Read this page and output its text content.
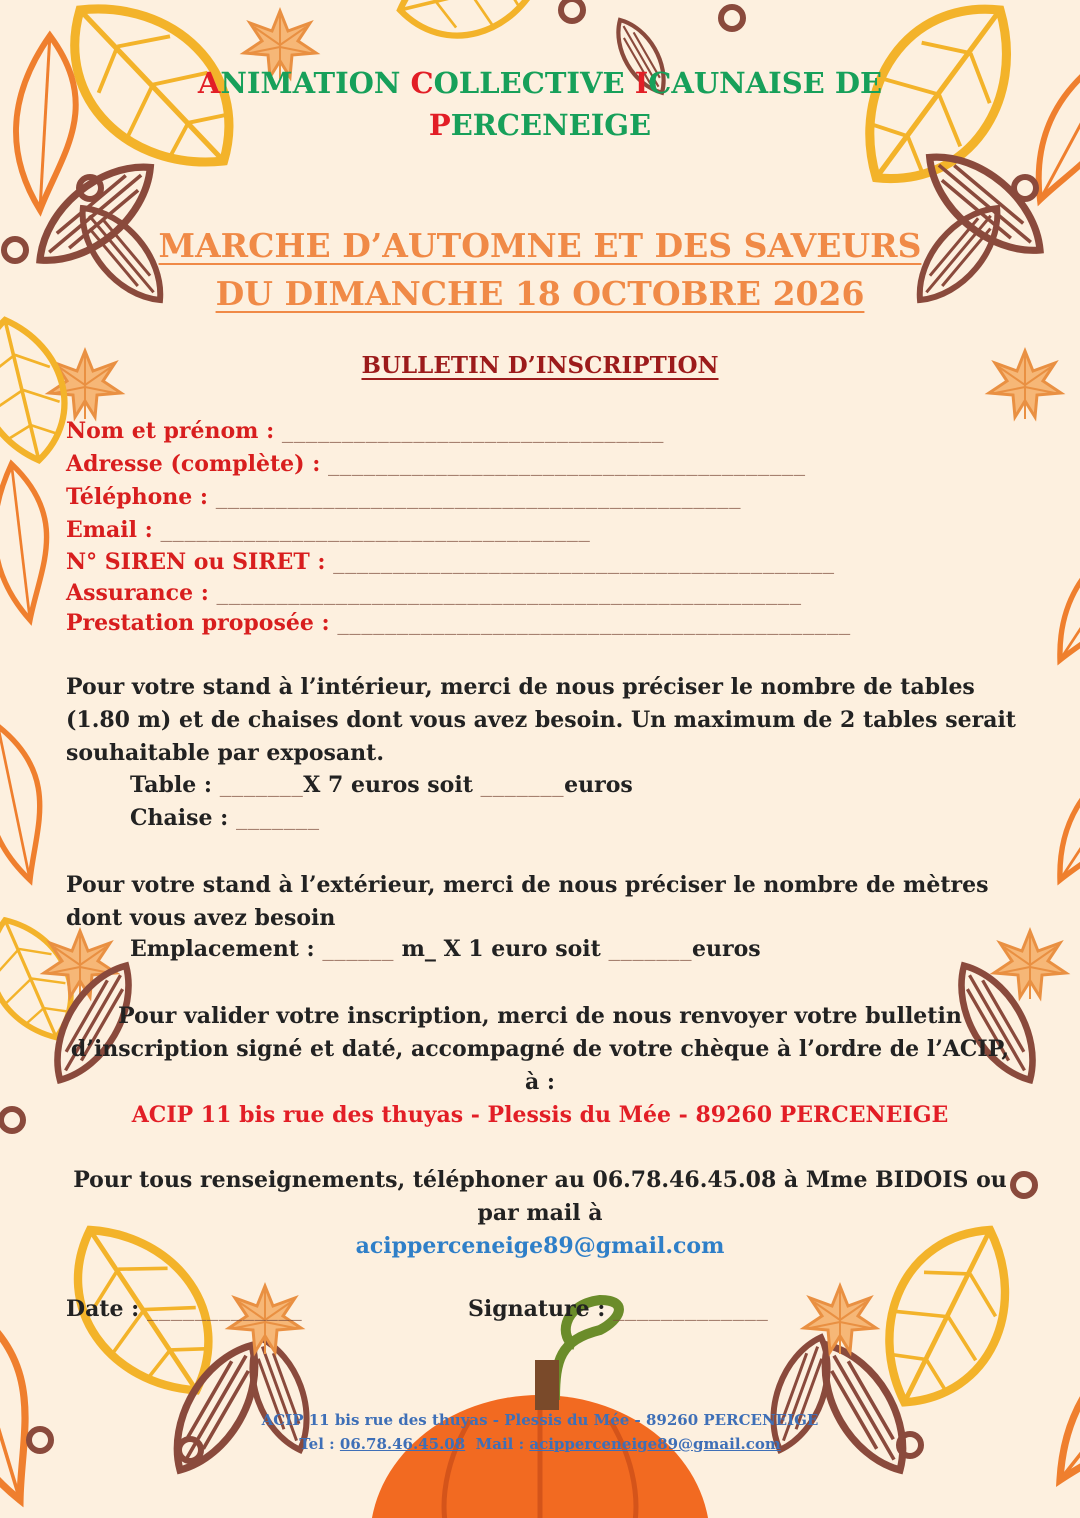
ANIMATION COLLECTIVE ICAUNAISE DE
PERCENEIGE
MARCHE D’AUTOMNE ET DES SAVEURS
DU DIMANCHE 18 OCTOBRE 2026
BULLETIN D’INSCRIPTION
Nom et prénom : ________________________________
Adresse (complète) : ________________________________________
Téléphone : ____________________________________________
Email : ____________________________________
N° SIREN ou SIRET : __________________________________________
Assurance : _________________________________________________
Prestation proposée : ___________________________________________
Pour votre stand à l’intérieur, merci de nous préciser le nombre de tables (1.80 m) et de chaises dont vous avez besoin. Un maximum de 2 tables serait souhaitable par exposant.
Table : _______X 7 euros soit _______euros
Chaise : _______
Pour votre stand à l’extérieur, merci de nous préciser le nombre de mètres dont vous avez besoin
Emplacement : ______ m_ X 1 euro soit _______euros
Pour valider votre inscription, merci de nous renvoyer votre bulletin
d’inscription signé et daté, accompagné de votre chèque à l’ordre de l’ACIP,
à :
ACIP 11 bis rue des thuyas - Plessis du Mée - 89260 PERCENEIGE
Pour tous renseignements, téléphoner au 06.78.46.45.08 à Mme BIDOIS ou
par mail à
acipperceneige89@gmail.com
Date : _____________	Signature : _____________
ACIP 11 bis rue des thuyas - Plessis du Mée - 89260 PERCENEIGE
Tel : 06.78.46.45.08 Mail : acipperceneige89@gmail.com
